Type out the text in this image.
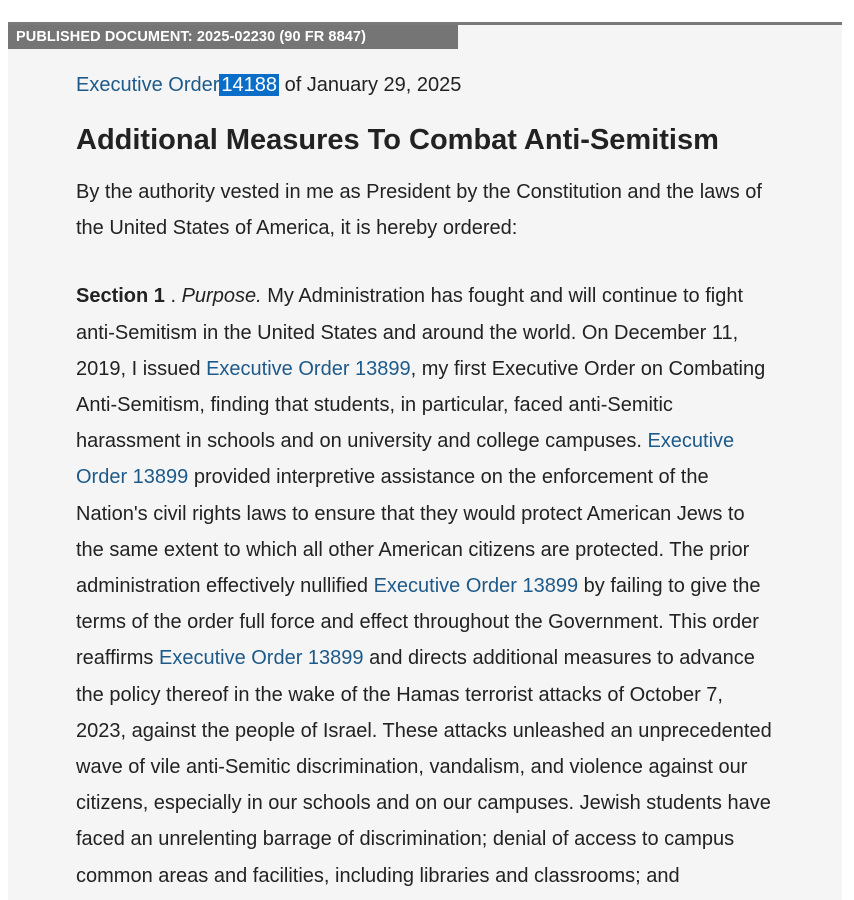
PUBLISHED DOCUMENT: 2025-02230 (90 FR 8847)

Executive Order 14188 of January 29, 2025

Additional Measures To Combat Anti-Semitism

By the authority vested in me as President by the Constitution and the laws of
the United States of America, it is hereby ordered:

Section 1 . Purpose. My Administration has fought and will continue to fight
anti-Semitism in the United States and around the world. On December 11,
2019, I issued Executive Order 13899, my first Executive Order on Combating
Anti-Semitism, finding that students, in particular, faced anti-Semitic
harassment in schools and on university and college campuses. Executive
Order 13899 provided interpretive assistance on the enforcement of the
Nation's civil rights laws to ensure that they would protect American Jews to
the same extent to which all other American citizens are protected. The prior
administration effectively nullified Executive Order 13899 by failing to give the
terms of the order full force and effect throughout the Government. This order
reaffirms Executive Order 13899 and directs additional measures to advance
the policy thereof in the wake of the Hamas terrorist attacks of October 7,
2023, against the people of Israel. These attacks unleashed an unprecedented
wave of vile anti-Semitic discrimination, vandalism, and violence against our
citizens, especially in our schools and on our campuses. Jewish students have
faced an unrelenting barrage of discrimination; denial of access to campus
common areas and facilities, including libraries and classrooms; and
